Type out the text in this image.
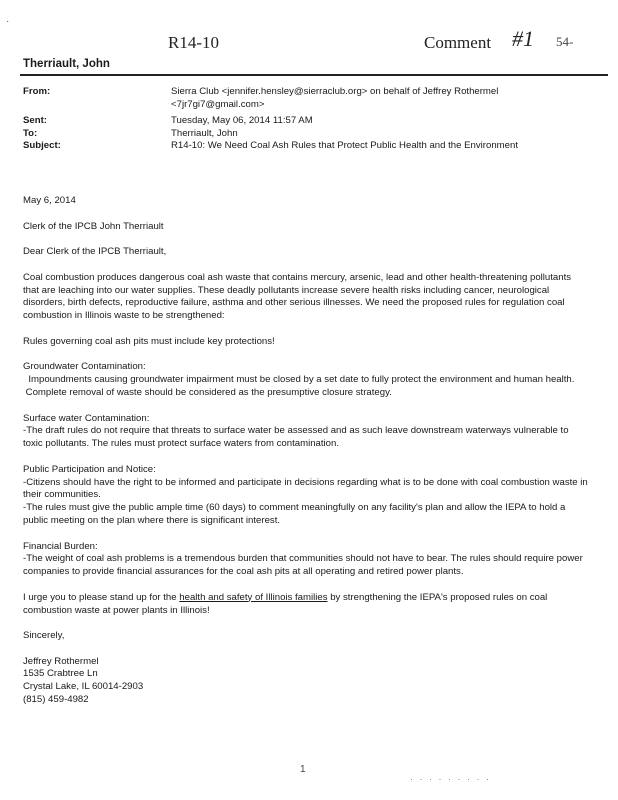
·
R14-10	Comment #1 54-
Therriault, John
From:	Sierra Club <jennifer.hensley@sierraclub.org> on behalf of Jeffrey Rothermel <7jr7gi7@gmail.com>
Sent:	Tuesday, May 06, 2014 11:57 AM
To:	Therriault, John
Subject:	R14-10: We Need Coal Ash Rules that Protect Public Health and the Environment

May 6, 2014

Clerk of the IPCB John Therriault

Dear Clerk of the IPCB Therriault,

Coal combustion produces dangerous coal ash waste that contains mercury, arsenic, lead and other health-threatening pollutants that are leaching into our water supplies. These deadly pollutants increase severe health risks including cancer, neurological disorders, birth defects, reproductive failure, asthma and other serious illnesses. We need the proposed rules for regulation coal combustion in Illinois waste to be strengthened:

Rules governing coal ash pits must include key protections!

Groundwater Contamination:
Impoundments causing groundwater impairment must be closed by a set date to fully protect the environment and human health.
Complete removal of waste should be considered as the presumptive closure strategy.
Surface water Contamination:
-The draft rules do not require that threats to surface water be assessed and as such leave downstream waterways vulnerable to toxic pollutants. The rules must protect surface waters from contamination.
Public Participation and Notice:
-Citizens should have the right to be informed and participate in decisions regarding what is to be done with coal combustion waste in their communities.
-The rules must give the public ample time (60 days) to comment meaningfully on any facility's plan and allow the IEPA to hold a public meeting on the plan where there is significant interest.
Financial Burden:
-The weight of coal ash problems is a tremendous burden that communities should not have to bear. The rules should require power companies to provide financial assurances for the coal ash pits at all operating and retired power plants.

I urge you to please stand up for the health and safety of Illinois families by strengthening the IEPA's proposed rules on coal combustion waste at power plants in Illinois!

Sincerely,

Jeffrey Rothermel

1535 Crabtree Ln

Crystal Lake, IL 60014-2903

(815) 459-4982

1
· · · · · · · · ·
